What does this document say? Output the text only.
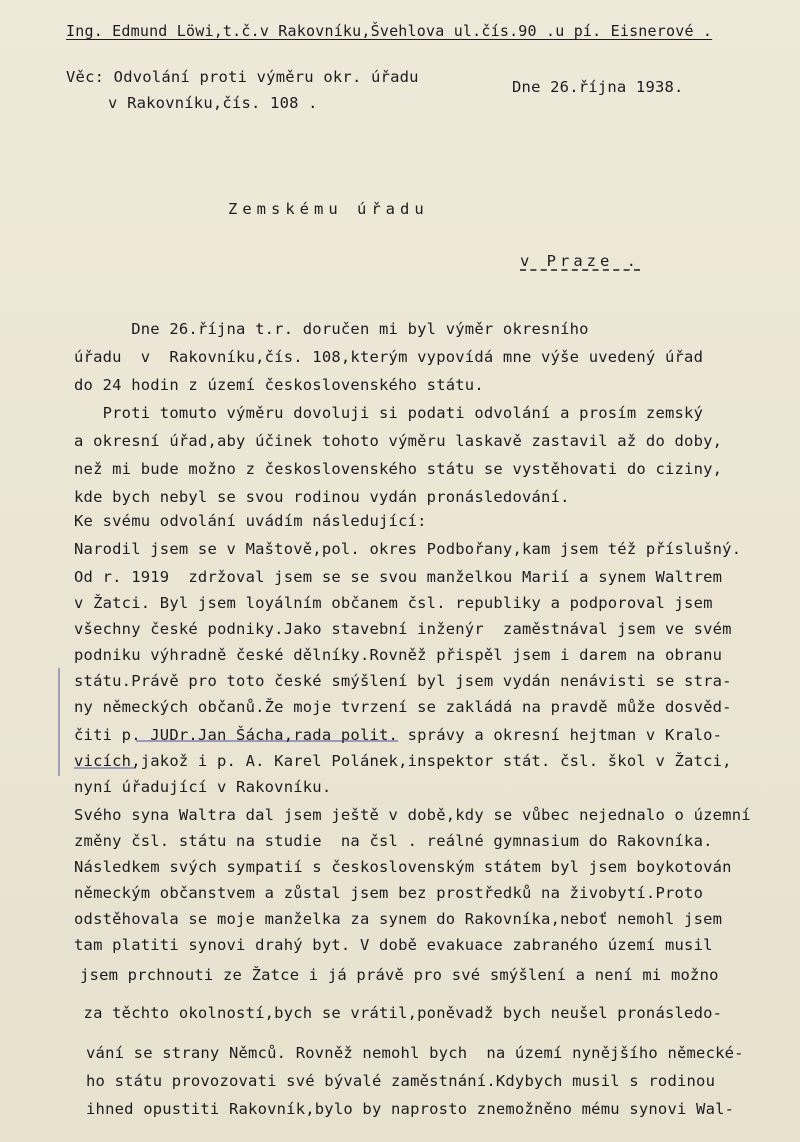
Ing. Edmund Löwi,t.č.v Rakovníku,Švehlova ul.čís.90 .u pí. Eisnerové .
Věc: Odvolání proti výměru okr. úřadu
v Rakovníku,čís. 108 .
Dne 26.října 1938.
Zemskému úřadu
v Praze .
Dne 26.října t.r. doručen mi byl výměr okresního
úřadu  v  Rakovníku,čís. 108,kterým vypovídá mne výše uvedený úřad
do 24 hodin z území československého státu.
Proti tomuto výměru dovoluji si podati odvolání a prosím zemský
a okresní úřad,aby účinek tohoto výměru laskavě zastavil až do doby,
než mi bude možno z československého státu se vystěhovati do ciziny,
kde bych nebyl se svou rodinou vydán pronásledování.
Ke svému odvolání uvádím následující:
Narodil jsem se v Maštově,pol. okres Podbořany,kam jsem též příslušný.
Od r. 1919  zdržoval jsem se se svou manželkou Marií a synem Waltrem
v Žatci. Byl jsem loyálním občanem čsl. republiky a podporoval jsem
všechny české podniky.Jako stavební inženýr  zaměstnával jsem ve svém
podniku výhradně české dělníky.Rovněž přispěl jsem i darem na obranu
státu.Právě pro toto české smýšlení byl jsem vydán nenávisti se stra-
ny německých občanů.Že moje tvrzení se zakládá na pravdě může dosvěd-
čiti p. JUDr.Jan Šácha,rada polit. správy a okresní hejtman v Kralo-
vicích,jakož i p. A. Karel Polánek,inspektor stát. čsl. škol v Žatci,
nyní úřadující v Rakovníku.
Svého syna Waltra dal jsem ještě v době,kdy se vůbec nejednalo o územní
změny čsl. státu na studie  na čsl . reálné gymnasium do Rakovníka.
Následkem svých sympatií s československým státem byl jsem boykotován
německým občanstvem a zůstal jsem bez prostředků na živobytí.Proto
odstěhovala se moje manželka za synem do Rakovníka,neboť nemohl jsem
tam platiti synovi drahý byt. V době evakuace zabraného území musil
jsem prchnouti ze Žatce i já právě pro své smýšlení a není mi možno
za těchto okolností,bych se vrátil,poněvadž bych neušel pronásledo-
vání se strany Němců. Rovněž nemohl bych  na území nynějšího německé-
ho státu provozovati své bývalé zaměstnání.Kdybych musil s rodinou
ihned opustiti Rakovník,bylo by naprosto znemožněno mému synovi Wal-
